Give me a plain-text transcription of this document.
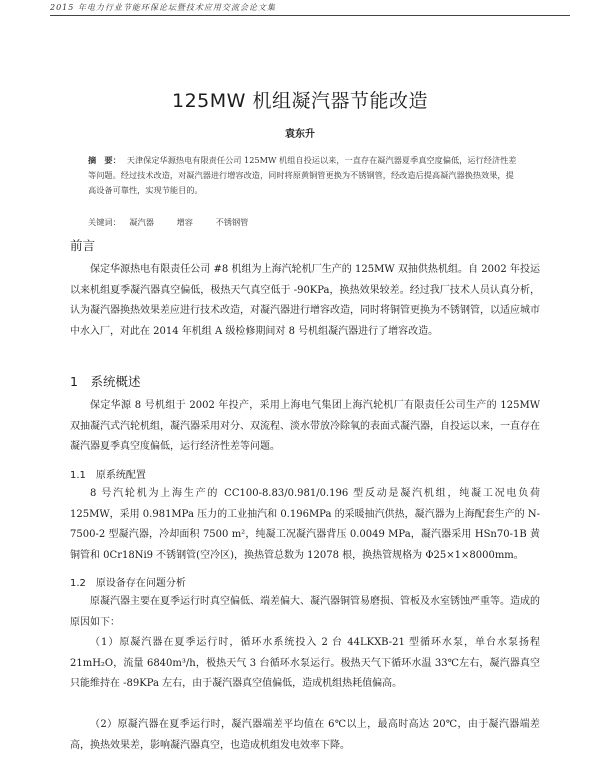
2015 年电力行业节能环保论坛暨技术应用交流会论文集
125MW 机组凝汽器节能改造
袁东升
摘　要： 天津保定华源热电有限责任公司 125MW 机组自投运以来，一直存在凝汽器夏季真空度偏低，运行经济性差等问题。经过技术改造，对凝汽器进行增容改造，同时将原黄铜管更换为不锈钢管，经改造后提高凝汽器换热效果，提高设备可靠性，实现节能目的。
关键词： 凝汽器	增容	不锈钢管
前言
保定华源热电有限责任公司 #8 机组为上海汽轮机厂生产的 125MW 双抽供热机组。自 2002 年投运以来机组夏季凝汽器真空偏低，极热天气真空低于 -90KPa，换热效果较差。经过我厂技术人员认真分析，认为凝汽器换热效果差应进行技术改造，对凝汽器进行增容改造，同时将铜管更换为不锈钢管，以适应城市中水入厂，对此在 2014 年机组 A 级检修期间对 8 号机组凝汽器进行了增容改造。
1　系统概述
保定华源 8 号机组于 2002 年投产，采用上海电气集团上海汽轮机厂有限责任公司生产的 125MW 双抽凝汽式汽轮机组，凝汽器采用对分、双流程、淡水带放冷除氧的表面式凝汽器，自投运以来，一直存在凝汽器夏季真空度偏低，运行经济性差等问题。
1.1　原系统配置
8 号汽轮机为上海生产的 CC100-8.83/0.981/0.196 型反动是凝汽机组，纯凝工况电负荷 125MW，采用 0.981MPa 压力的工业抽汽和 0.196MPa 的采暖抽汽供热，凝汽器为上海配套生产的 N-7500-2 型凝汽器，冷却面积 7500 m²，纯凝工况凝汽器背压 0.0049 MPa，凝汽器采用 HSn70-1B 黄铜管和 0Cr18Ni9 不锈钢管(空冷区)，换热管总数为 12078 根，换热管规格为 Φ25×1×8000mm。
1.2　原设备存在问题分析
原凝汽器主要在夏季运行时真空偏低、端差偏大、凝汽器铜管易磨损、管板及水室锈蚀严重等。造成的原因如下：
（1）原凝汽器在夏季运行时，循环水系统投入 2 台 44LKXB-21 型循环水泵，单台水泵扬程 21mH₂O，流量 6840m³/h，极热天气 3 台循环水泵运行。极热天气下循环水温 33℃左右，凝汽器真空只能维持在 -89KPa 左右，由于凝汽器真空值偏低，造成机组热耗值偏高。
（2）原凝汽器在夏季运行时，凝汽器端差平均值在 6℃以上，最高时高达 20℃，由于凝汽器端差高，换热效果差，影响凝汽器真空，也造成机组发电效率下降。
